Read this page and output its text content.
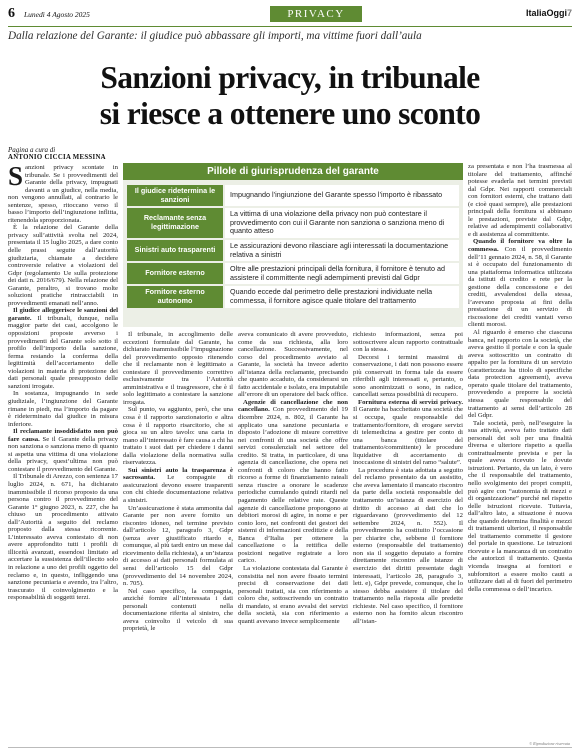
6 Lunedì 4 Agosto 2025	PRIVACY	ItaliaOggi7
Dalla relazione del Garante: il giudice può abbassare gli importi, ma vittime fuori dall’aula
Sanzioni privacy, in tribunale
si riesce a ottenere uno sconto
Pagina a cura di
ANTONIO CICCIA MESSINA

Sanzioni privacy scontate in tribunale. Se i provvedimenti del Garante della privacy, impugnati davanti a un giudice, nella media, non vengono annullati, al contrario le sentenze, spesso, ritoccano verso il basso l’importo dell’ingiunzione inflitta, ritenendola sproporzionata.

È la relazione del Garante della privacy sull’attività svolta nel 2024, presentata il 15 luglio 2025, a dare conto delle prassi seguite dall’autorità giudiziaria, chiamate a decidere controversie relative a violazioni del Gdpr (regolamento Ue sulla protezione dei dati n. 2016/679). Nella relazione del Garante, peraltro, si trovano molte soluzioni pratiche rintracciabili in provvedimenti emanati nell’anno.

Il giudice alleggerisce le sanzioni del garante. Il tribunali, dunque, nella maggior parte dei casi, accolgono le opposizioni proposte avverso i provvedimenti del Garante solo sotto il profilo dell’importo della sanzione, ferma restando la conferma della legittimità dell’accertamento delle violazioni in materia di protezione dei dati personali quale presupposto delle sanzioni irrogate.

In sostanza, impugnando in sede giudiziale, l’ingiunzione del Garante rimane in piedi, ma l’importo da pagare è rideterminato dal giudice in misura inferiore.

Il reclamante insoddisfatto non può fare causa. Se il Garante della privacy non sanziona o sanziona meno di quanto si aspetta una vittima di una violazione della privacy, quest’ultima non può contestare il provvedimento del Garante.

Il Tribunale di Arezzo, con sentenza 17 luglio 2024, n. 671, ha dichiarato inammissibile il ricorso proposto da una persona contro il provvedimento del Garante 1° giugno 2023, n. 227, che ha chiuso un procedimento attivato dall’Autorità a seguito del reclamo proposto dalla stessa ricorrente. L’interessato aveva contestato di non avere approfondito tutti i profili di illiceità avanzati, essendosi limitato ad accertare la sussistenza dell’illecito solo in relazione a uno dei profili oggetto del reclamo e, in questo, infliggendo una sanzione pecuniaria e avendo, tra l’altro, trascurato il coinvolgimento e la responsabilità di soggetti terzi.

Pillole di giurisprudenza del garante
Il giudice ridetermina le sanzioni	Impugnando l’ingiunzione del Garante spesso l’importo è ribassato
Reclamante senza legittimazione	La vittima di una violazione della privacy non può contestare il provvedimento con cui il Garante non sanziona o sanziona meno di quanto atteso
Sinistri auto trasparenti	Le assicurazioni devono rilasciare agli interessati la documentazione relativa a sinistri
Fornitore esterno	Oltre alle prestazioni principali della fornitura, il fornitore è tenuto ad assistere il committente negli adempimenti previsti dal Gdpr
Fornitore esterno autonomo	Quando eccede dal perimetro delle prestazioni individuate nella commessa, il fornitore agisce quale titolare del trattamento

Il tribunale, in accoglimento delle eccezioni formulate dal Garante, ha dichiarato inammissibile l’impugnazione del provvedimento opposto ritenendo che il reclamante non è legittimato a contestare il provvedimento correttivo esclusivamente tra l’Autorità amministrativa e il trasgressore, che è il solo legittimato a contestare la sanzione irrogata.

Sul punto, va aggiunto, però, che una cosa è il rapporto sanzionatorio e altra cosa è il rapporto risarcitorio, che si gioca su un altro tavolo: una carta in mano all’interessato è fare causa a chi ha trattato i suoi dati per chiedere i danni dalla violazione della normativa sulla riservatezza.

Sui sinistri auto la trasparenza è sacrosanta. Le compagnie di assicurazioni devono essere trasparenti con chi chiede documentazione relativa a sinistri.

Un’assicurazione è stata ammonita dal Garante per non avere fornito un riscontro idoneo, nel termine previsto dall’articolo 12, paragrafo 3, Gdpr (senza aver giustificato ritardo e, comunque, al più tardi entro un mese dal ricevimento della richiesta), a un’istanza di accesso ai dati personali formulata ai sensi dell’articolo 15 del Gdpr (provvedimento del 14 novembre 2024, n. 705).

Nel caso specifico, la compagnia, anziché fornire all’interessata i dati personali contenuti nella documentazione riferita al sinistro, che aveva coinvolto il veicolo di sua proprietà, le

aveva comunicato di avere provveduto, come da sua richiesta, alla loro cancellazione. Successivamente, nel corso del procedimento avviato al Garante, la società ha invece aderito all’istanza della reclamante, precisando che quanto accaduto, da considerarsi un fatto accidentale e isolato, era imputabile all’errore di un operatore del back office.

Agenzie di cancellazione che non cancellano. Con provvedimento del 19 dicembre 2024, n. 802, il Garante ha applicato una sanzione pecuniaria e disposto l’adozione di misure correttive nei confronti di una società che offre servizi consulenziali nel settore del credito. Si tratta, in particolare, di una agenzia di cancellazione, che opera nei confronti di coloro che hanno fatto ricorso a forme di finanziamento rateali senza riuscire a onorare le scadenze periodiche cumulando quindi ritardi nel pagamento delle relative rate. Queste agenzie di cancellazione propongono ai debitori morosi di agire, in nome e per conto loro, nei confronti dei gestori dei sistemi di informazioni creditizie e della Banca d’Italia per ottenere la cancellazione o la rettifica delle posizioni negative registrate a loro carico.

La violazione contestata dal Garante è consistita nel non avere fissato termini precisi di conservazione dei dati personali trattati, sia con riferimento a coloro che, sottoscrivendo un contratto di mandato, si erano avvalsi dei servizi della società, sia con riferimento a quanti avevano invece semplicemente

richiesto informazioni, senza poi sottoscrivere alcun rapporto contrattuale con la stessa.

Decorsi i termini massimi di conservazione, i dati non possono essere più conservati in forma tale da essere riferibili agli interessati e, pertanto, o sono anonimizzati o sono, in radice, cancellati senza possibilità di recupero.

Fornitura esterna di servizi privacy. Il Garante ha bacchettato una società che si occupa, quale responsabile del trattamento/fornitore, di erogare servizi di telemedicina a gestire per conto di una banca (titolare del trattamento/committente) le procedure liquidative di accertamento di inoccasione di sinistri del ramo “salute”.

La procedura è stata adottata a seguito del reclamo presentato da un assistito, che aveva lamentato il mancato riscontro da parte della società responsabile del trattamento un’istanza di esercizio del diritto di accesso ai dati che lo riguardavano (provvedimento del 12 settembre 2024, n. 552). Il provvedimento ha costituito l’occasione per chiarire che, sebbene il fornitore esterno (responsabile del trattamento) non sia il soggetto deputato a fornire direttamente riscontro alle istanze di esercizio dei diritti presentate dagli interessati, l’articolo 28, paragrafo 3, lett. e), Gdpr prevede, comunque, che lo stesso debba assistere il titolare del trattamento nella risposta alle predette richieste. Nel caso specifico, il fornitore esterno non ha fornito alcun riscontro all’istan-

za presentata e non l’ha trasmessa al titolare del trattamento, affinché potesse evaderla nei termini previsti dal Gdpr. Nei rapporti commerciali con fornitori esterni, che trattano dati (e cioè quasi sempre), alle prestazioni principali della fornitura si abbinano le prestazioni, previste dal Gdpr, relative ad adempimenti collaborativi e di assistenza al committente.

Quando il fornitore va oltre la commessa. Con il provvedimento dell’11 gennaio 2024, n. 58, il Garante si è occupato del funzionamento di una piattaforma informatica utilizzata da istituti di credito e rete per la gestione della concessione e dei crediti, avvalendosi della stessa, l’avevano proposta ai fini della prestazione di un servizio di riscossione dei crediti vantati verso clienti morosi.

Al riguardo è emerso che ciascuna banca, nel rapporto con la società, che aveva gestito il portale e con la quale aveva sottoscritto un contratto di appalto per la fornitura di un servizio (caratterizzata ha titolo di specifiche data protection agreement), aveva operato quale titolare del trattamento, provvedendo a preporre la società stessa quale responsabile del trattamento ai sensi dell’articolo 28 del Gdpr.

Tale società, però, nell’eseguire la sua attività, aveva fatto trattato dati personali dei soli per una finalità diversa e ulteriore rispetto a quella contrattualmente prevista e per la quale aveva ricevuto le dovute istruzioni. Pertanto, da un lato, è vero che il responsabile del trattamento, nello svolgimento dei propri compiti, può agire con “autonomia di mezzi e di organizzazione” purché nel rispetto delle istruzioni ricevute. Tuttavia, dall’altro lato, a situazione è nuova che quando determina finalità e mezzi di trattamenti ulteriori, il responsabile del trattamento commette il gestore del portale in questione. Le istruzioni ricevute e la mancanza di un contratto che autorizzi il trattamento. Questa vicenda insegna ai fornitori e subfornitori a essere molto cauti a utilizzare dati al di fuori del perimetro della commessa o dell’incarico.

© Riproduzione riservata
